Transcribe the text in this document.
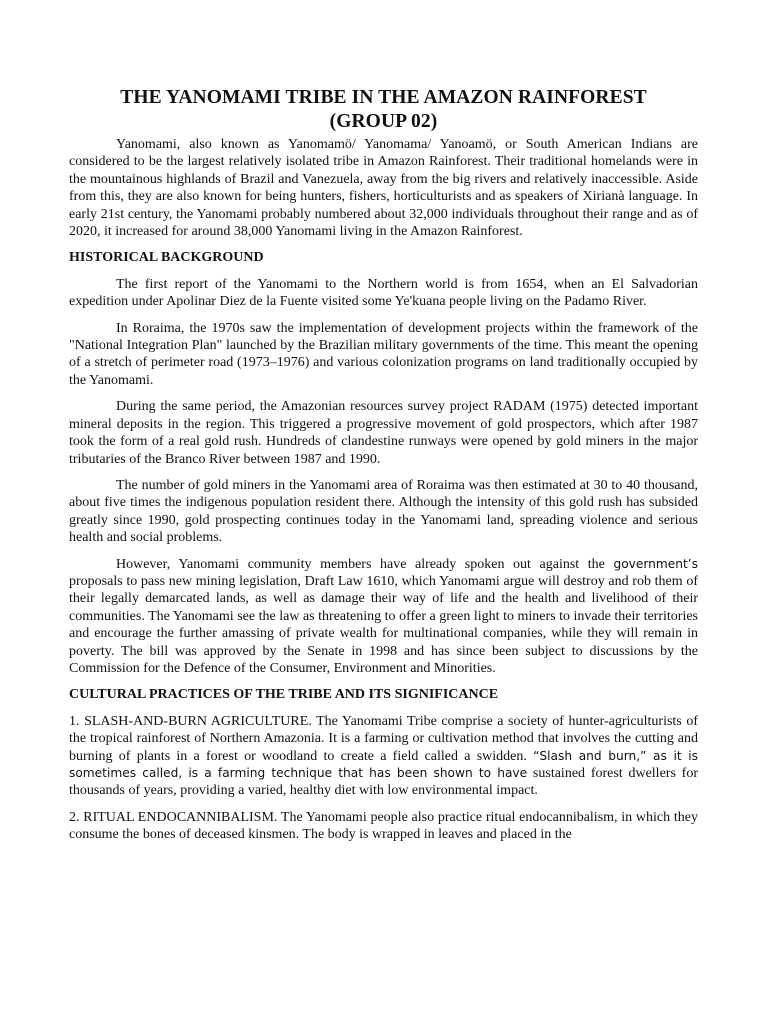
THE YANOMAMI TRIBE IN THE AMAZON RAINFOREST
(GROUP 02)

Yanomami, also known as Yanomamö/ Yanomama/ Yanoamö, or South American Indians are considered to be the largest relatively isolated tribe in Amazon Rainforest. Their traditional homelands were in the mountainous highlands of Brazil and Vanezuela, away from the big rivers and relatively inaccessible. Aside from this, they are also known for being hunters, fishers, horticulturists and as speakers of Xirianà language. In early 21st century, the Yanomami probably numbered about 32,000 individuals throughout their range and as of 2020, it increased for around 38,000 Yanomami living in the Amazon Rainforest.

HISTORICAL BACKGROUND

The first report of the Yanomami to the Northern world is from 1654, when an El Salvadorian expedition under Apolinar Diez de la Fuente visited some Ye'kuana people living on the Padamo River.

In Roraima, the 1970s saw the implementation of development projects within the framework of the "National Integration Plan" launched by the Brazilian military governments of the time. This meant the opening of a stretch of perimeter road (1973–1976) and various colonization programs on land traditionally occupied by the Yanomami.

During the same period, the Amazonian resources survey project RADAM (1975) detected important mineral deposits in the region. This triggered a progressive movement of gold prospectors, which after 1987 took the form of a real gold rush. Hundreds of clandestine runways were opened by gold miners in the major tributaries of the Branco River between 1987 and 1990.

The number of gold miners in the Yanomami area of Roraima was then estimated at 30 to 40 thousand, about five times the indigenous population resident there. Although the intensity of this gold rush has subsided greatly since 1990, gold prospecting continues today in the Yanomami land, spreading violence and serious health and social problems.

However, Yanomami community members have already spoken out against the government’s proposals to pass new mining legislation, Draft Law 1610, which Yanomami argue will destroy and rob them of their legally demarcated lands, as well as damage their way of life and the health and livelihood of their communities. The Yanomami see the law as threatening to offer a green light to miners to invade their territories and encourage the further amassing of private wealth for multinational companies, while they will remain in poverty. The bill was approved by the Senate in 1998 and has since been subject to discussions by the Commission for the Defence of the Consumer, Environment and Minorities.

CULTURAL PRACTICES OF THE TRIBE AND ITS SIGNIFICANCE

1. SLASH-AND-BURN AGRICULTURE. The Yanomami Tribe comprise a society of hunter-agriculturists of the tropical rainforest of Northern Amazonia. It is a farming or cultivation method that involves the cutting and burning of plants in a forest or woodland to create a field called a swidden. “Slash and burn,” as it is sometimes called, is a farming technique that has been shown to have sustained forest dwellers for thousands of years, providing a varied, healthy diet with low environmental impact.

2. RITUAL ENDOCANNIBALISM. The Yanomami people also practice ritual endocannibalism, in which they consume the bones of deceased kinsmen. The body is wrapped in leaves and placed in the
